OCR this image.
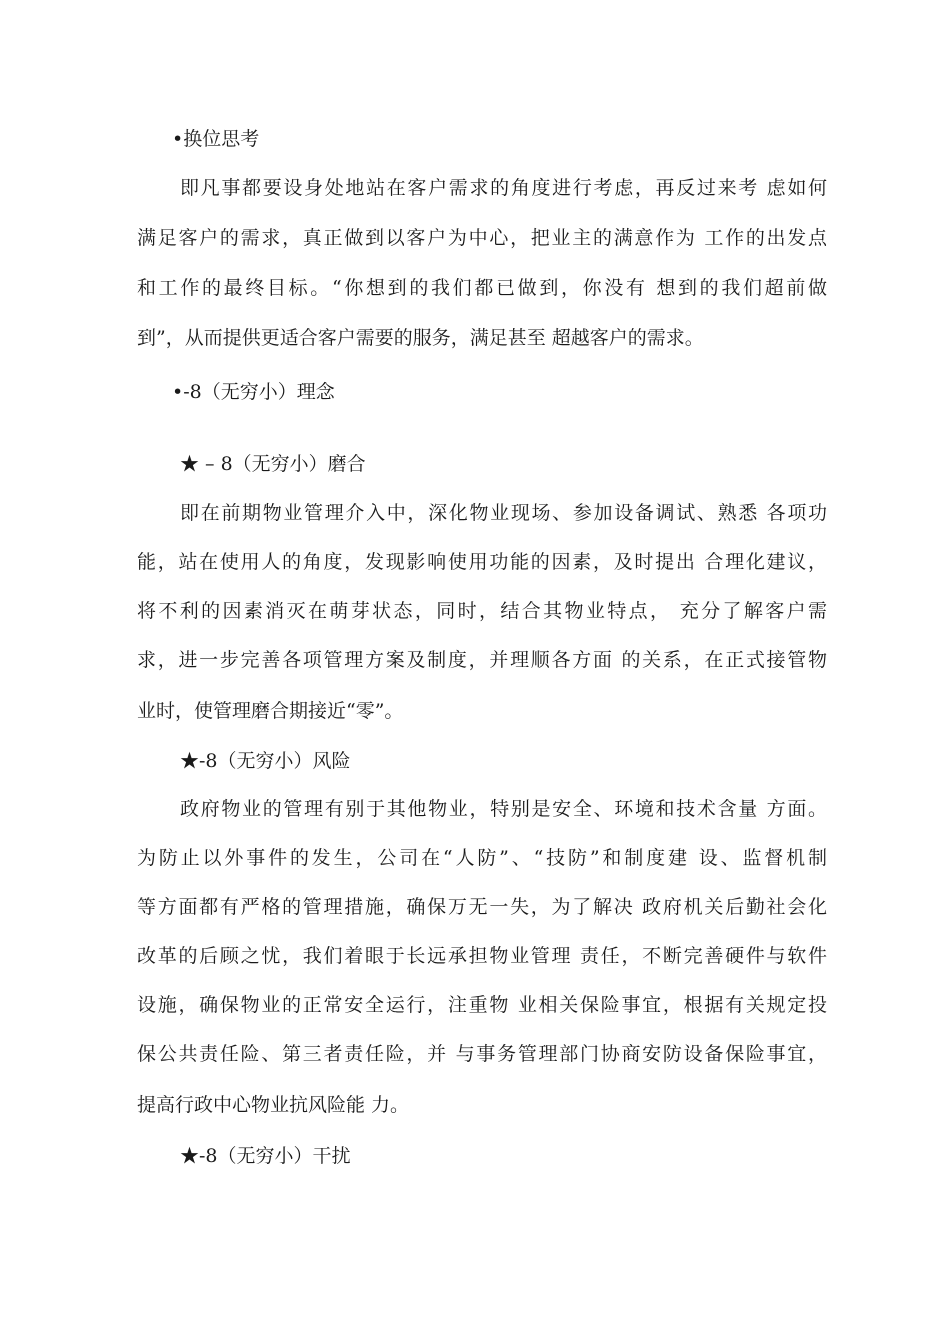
•换位思考
即凡事都要设身处地站在客户需求的角度进行考虑，再反过来考 虑如何
满足客户的需求，真正做到以客户为中心，把业主的满意作为 工作的出发点
和工作的最终目标。“你想到的我们都已做到，你没有 想到的我们超前做
到”，从而提供更适合客户需要的服务，满足甚至 超越客户的需求。
•-8（无穷小）理念
★ – 8（无穷小）磨合
即在前期物业管理介入中，深化物业现场、参加设备调试、熟悉 各项功
能，站在使用人的角度，发现影响使用功能的因素，及时提出 合理化建议，
将不利的因素消灭在萌芽状态，同时，结合其物业特点， 充分了解客户需
求，进一步完善各项管理方案及制度，并理顺各方面 的关系，在正式接管物
业时，使管理磨合期接近“零”。
★-8（无穷小）风险
政府物业的管理有别于其他物业，特别是安全、环境和技术含量 方面。
为防止以外事件的发生，公司在“人防”、“技防”和制度建 设、监督机制
等方面都有严格的管理措施，确保万无一失，为了解决 政府机关后勤社会化
改革的后顾之忧，我们着眼于长远承担物业管理 责任，不断完善硬件与软件
设施，确保物业的正常安全运行，注重物 业相关保险事宜，根据有关规定投
保公共责任险、第三者责任险，并 与事务管理部门协商安防设备保险事宜，
提高行政中心物业抗风险能 力。
★-8（无穷小）干扰
